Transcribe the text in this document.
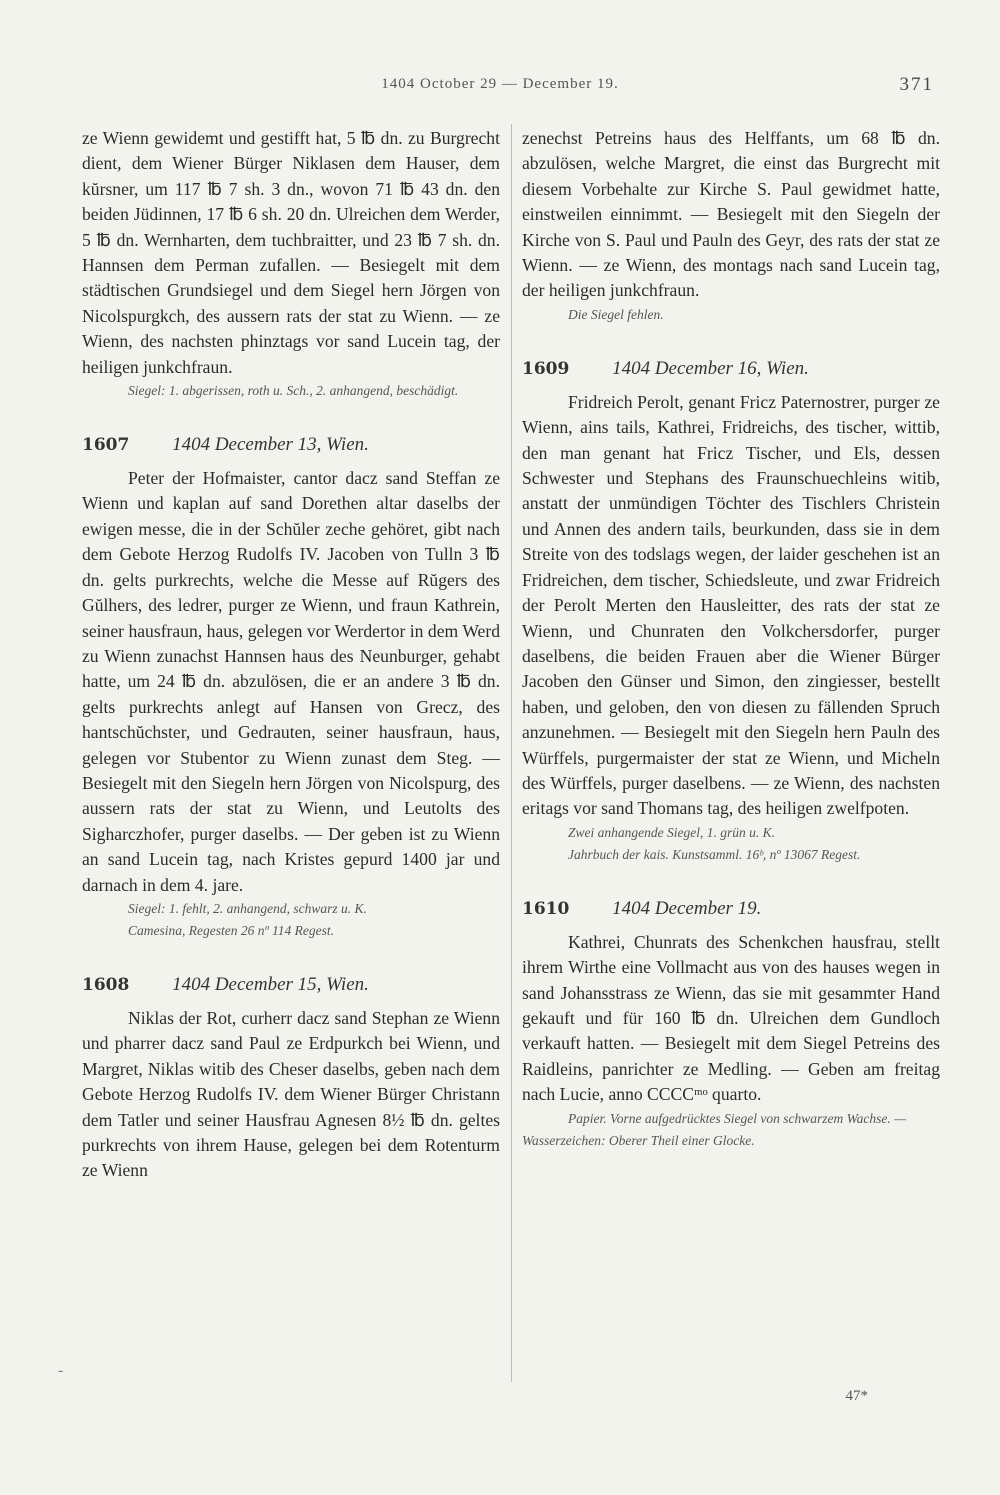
1404 October 29 — December 19.	371

ze Wienn gewidemt und gestifft hat, 5 ℔ dn. zu Burgrecht dient, dem Wiener Bürger Niklasen dem Hauser, dem kŭrsner, um 117 ℔ 7 sh. 3 dn., wovon 71 ℔ 43 dn. den beiden Jüdinnen, 17 ℔ 6 sh. 20 dn. Ulreichen dem Werder, 5 ℔ dn. Wernharten, dem tuchbraitter, und 23 ℔ 7 sh. dn. Hannsen dem Perman zufallen. — Besiegelt mit dem städtischen Grundsiegel und dem Siegel hern Jörgen von Nicolspurgkch, des aussern rats der stat zu Wienn. — ze Wienn, des nachsten phinztags vor sand Lucein tag, der heiligen junkchfraun.

Siegel: 1. abgerissen, roth u. Sch., 2. anhangend, beschädigt.

1607 1404 December 13, Wien.

Peter der Hofmaister, cantor dacz sand Steffan ze Wienn und kaplan auf sand Dorethen altar daselbs der ewigen messe, die in der Schŭler zeche gehöret, gibt nach dem Gebote Herzog Rudolfs IV. Jacoben von Tulln 3 ℔ dn. gelts purkrechts, welche die Messe auf Rŭgers des Gŭlhers, des ledrer, purger ze Wienn, und fraun Kathrein, seiner hausfraun, haus, gelegen vor Werdertor in dem Werd zu Wienn zunachst Hannsen haus des Neunburger, gehabt hatte, um 24 ℔ dn. abzulösen, die er an andere 3 ℔ dn. gelts purkrechts anlegt auf Hansen von Grecz, des hantschŭchster, und Gedrauten, seiner hausfraun, haus, gelegen vor Stubentor zu Wienn zunast dem Steg. — Besiegelt mit den Siegeln hern Jörgen von Nicolspurg, des aussern rats der stat zu Wienn, und Leutolts des Sigharczhofer, purger daselbs. — Der geben ist zu Wienn an sand Lucein tag, nach Kristes gepurd 1400 jar und darnach in dem 4. jare.

Siegel: 1. fehlt, 2. anhangend, schwarz u. K.

Camesina, Regesten 26 nº 114 Regest.

1608 1404 December 15, Wien.

Niklas der Rot, curherr dacz sand Stephan ze Wienn und pharrer dacz sand Paul ze Erdpurkch bei Wienn, und Margret, Niklas witib des Cheser daselbs, geben nach dem Gebote Herzog Rudolfs IV. dem Wiener Bürger Christann dem Tatler und seiner Hausfrau Agnesen 8½ ℔ dn. geltes purkrechts von ihrem Hause, gelegen bei dem Rotenturm ze Wienn

zenechst Petreins haus des Helffants, um 68 ℔ dn. abzulösen, welche Margret, die einst das Burgrecht mit diesem Vorbehalte zur Kirche S. Paul gewidmet hatte, einstweilen einnimmt. — Besiegelt mit den Siegeln der Kirche von S. Paul und Pauln des Geyr, des rats der stat ze Wienn. — ze Wienn, des montags nach sand Lucein tag, der heiligen junkchfraun.

Die Siegel fehlen.

1609 1404 December 16, Wien.

Fridreich Perolt, genant Fricz Paternostrer, purger ze Wienn, ains tails, Kathrei, Fridreichs, des tischer, wittib, den man genant hat Fricz Tischer, und Els, dessen Schwester und Stephans des Fraunschuechleins witib, anstatt der unmündigen Töchter des Tischlers Christein und Annen des andern tails, beurkunden, dass sie in dem Streite von des todslags wegen, der laider geschehen ist an Fridreichen, dem tischer, Schiedsleute, und zwar Fridreich der Perolt Merten den Hausleitter, des rats der stat ze Wienn, und Chunraten den Volkchersdorfer, purger daselbens, die beiden Frauen aber die Wiener Bürger Jacoben den Günser und Simon, den zingiesser, bestellt haben, und geloben, den von diesen zu fällenden Spruch anzunehmen. — Besiegelt mit den Siegeln hern Pauln des Würffels, purgermaister der stat ze Wienn, und Micheln des Würffels, purger daselbens. — ze Wienn, des nachsten eritags vor sand Thomans tag, des heiligen zwelfpoten.

Zwei anhangende Siegel, 1. grün u. K.

Jahrbuch der kais. Kunstsamml. 16ᵇ, nº 13067 Regest.

1610 1404 December 19.

Kathrei, Chunrats des Schenkchen hausfrau, stellt ihrem Wirthe eine Vollmacht aus von des hauses wegen in sand Johansstrass ze Wienn, das sie mit gesammter Hand gekauft und für 160 ℔ dn. Ulreichen dem Gundloch verkauft hatten. — Besiegelt mit dem Siegel Petreins des Raidleins, panrichter ze Medling. — Geben am freitag nach Lucie, anno CCCCᵐᵒ quarto.

Papier. Vorne aufgedrücktes Siegel von schwarzem Wachse. — Wasserzeichen: Oberer Theil einer Glocke.

-
47*
